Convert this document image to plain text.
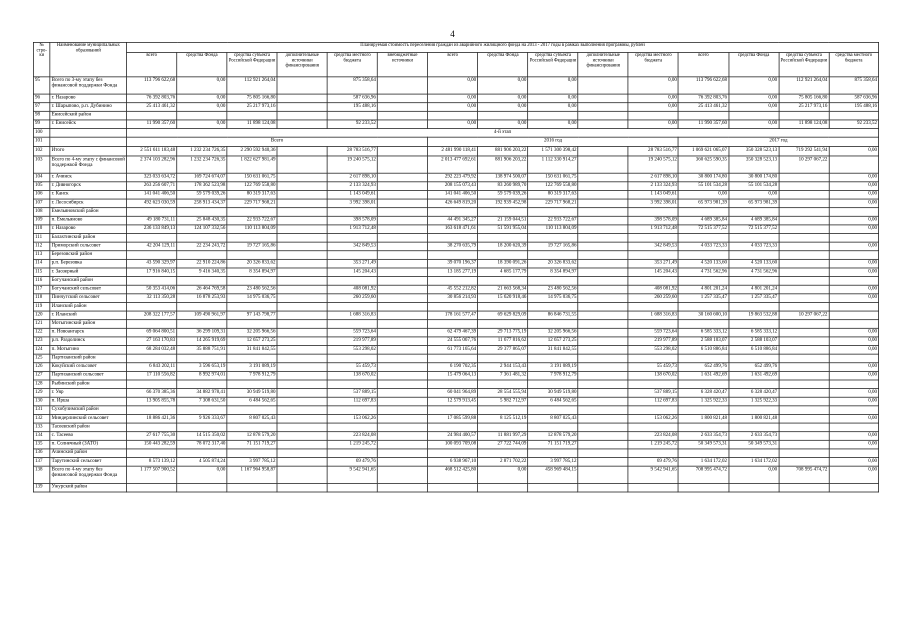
4
№ стро-ки	Наименование муниципальных образований	Планируемая стоимость переселения граждан из аварийного жилищного фонда на 2013 - 2017 годы в рамках выполнения программы, рублей														
		всего	средства Фонда	средства субъекта Российской Федерации	дополнительные источники финансирования	средства местного бюджета	внебюджетные источники	всего	средства Фонда	средства субъекта Российской Федерации	дополнительные источники финансирования	средства местного бюджета	всего	средства Фонда	средства субъекта Российской Федерации	средства местного бюджета
95	Всего по 3-му этапу без финансовой поддержки Фонда	113 796 622,68	0,00	112 921 264,04		875 358,64		0,00	0,00	0,00		0,00	113 796 622,68	0,00	112 921 264,04	875 358,64
96	г. Назарово	76 392 803,76	0,00	75 805 166,80		587 636,96		0,00	0,00	0,00		0,00	76 392 803,76	0,00	75 805 166,80	587 636,96
97	г. Шарыпово, р.п. Дубинино	25 413 461,32	0,00	25 217 973,16		195 488,16		0,00	0,00	0,00		0,00	25 413 461,32	0,00	25 217 973,16	195 488,16
98	Енисейский район															
99	г. Енисейск	11 990 357,60	0,00	11 898 124,08		92 233,52		0,00	0,00	0,00		0,00	11 990 357,60	0,00	11 898 124,08	92 233,52
100		4-й этап														
101		Всего						2016 год					2017 год			
102	Итого	2 551 611 183,48	1 232 234 726,35	2 290 592 940,36		28 783 516,77		2 481 990 118,41	881 906 203,22	1 571 300 398,42		28 783 516,77	1 069 621 065,07	350 328 523,13	719 292 541,94	0,00
103	Всего по 4-му этапу с финансовой поддержкой Фонда	2 374 103 282,96	1 232 234 726,35	1 822 627 981,49		19 240 575,12		2 013 477 692,61	881 906 203,22	1 112 330 914,27		19 240 575,12	360 625 590,35	350 328 523,13	10 297 067,22	
104	г. Ачинск	323 033 634,72	169 724 674,07	150 631 061,75		2 617 898,10		292 223 479,92	138 974 500,07	150 631 061,75		2 617 898,10	30 800 174,80	30 800 174,80		0,00
105	г. Дивногорск	263 256 607,71	178 362 523,98	122 769 558,80		2 133 324,93		208 155 073,43	83 260 989,70	122 769 558,80		2 133 324,93	55 101 534,28	55 101 534,28		0,00
106	г. Канск	141 041 406,50	59 579 039,26	80 319 317,63		1 143 049,61		141 041 406,50	59 579 039,26	80 319 317,63		1 143 049,61	0,00	0,00		0,00
107	г. Лесосибирск	492 623 030,59	258 913 434,37	229 717 968,21		3 992 398,01		426 649 819,20	192 939 452,98	229 717 968,21		3 992 398,01	65 973 981,39	65 973 981,39		0,00
108	Емельяновский район															
109	п. Емельяново	49 180 731,11	25 848 430,35	22 933 722,67		398 578,09		44 491 345,27	21 159 044,51	22 933 722,67		398 578,09	4 689 385,84	4 689 385,84		0,00
110	г. Назарово	236 133 849,13	124 107 332,56	110 113 804,09		1 913 712,48		163 618 471,61	51 591 955,04	110 113 804,09		1 913 712,48	72 515 377,52	72 515 377,52		0,00
111	Балахтинский район															
112	Приморский сельсовет	42 204 129,11	22 234 243,72	19 727 165,86		342 849,53		38 270 635,79	18 200 620,39	19 727 165,86		342 849,53	4 033 723,33	4 033 723,33		0,00
113	Березовский район															
114	р.п. Березовка	43 590 329,97	22 910 224,86	20 326 833,62		353 271,49		39 070 196,37	18 390 091,26	20 326 833,62		353 271,49	4 520 133,60	4 520 133,60		0,00
115	г. Заозерный	17 916 840,15	9 416 340,35	8 354 894,97		145 204,43		13 185 277,19	4 685 177,79	8 354 894,97		145 204,43	4 731 562,96	4 731 562,96		0,00
116	Богучанский район															
117	Богучанский сельсовет	50 353 414,06	26 464 769,58	23 480 562,56		408 081,92		45 552 212,82	21 663 568,34	23 480 562,56		408 081,92	4 801 201,24	4 801 201,24		0,00
118	Пинчугский сельсовет	32 113 350,28	16 878 253,93	14 975 036,75		260 259,60		30 856 214,93	15 620 918,46	14 975 036,75		260 259,60	1 257 335,47	1 257 335,47		0,00
119	Иланский район															
120	г. Иланский	208 322 177,57	109 490 961,97	97 143 798,77		1 688 316,83		178 161 577,47	69 629 829,09	86 846 731,55		1 688 316,83	30 160 600,10	19 863 532,88	10 297 067,22	
121	Мотыгинский район															
122	п. Новоангарск	69 064 800,51	36 299 109,31	32 205 966,56		559 723,64		62 479 467,39	29 713 775,19	32 205 966,56		559 723,64	6 585 333,12	6 585 333,12		0,00
123	р.п. Раздолинск	27 163 170,83	14 265 919,69	12 657 273,25		219 977,89		24 555 067,76	11 677 816,62	12 657 273,25		219 977,89	2 588 103,07	2 588 103,07		0,00
124	п. Мотыгино	68 284 032,48	35 888 751,91	31 841 842,55		553 298,02		61 773 165,64	29 377 865,07	31 841 842,55		553 298,02	6 510 886,84	6 510 886,84		0,00
125	Партизанский район															
126	Кокуйский сельсовет	6 843 202,11	3 596 653,19	3 191 089,19		55 459,73		6 190 702,35	2 944 153,43	3 191 089,19		55 459,73	652 499,76	652 499,76		0,00
127	Партизанский сельсовет	17 110 556,82	8 992 974,01	7 978 912,79		138 670,02		15 479 064,13	7 361 481,32	7 978 912,79		138 670,02	1 631 492,69	1 631 492,69		0,00
128	Рыбинский район															
129	г. Уяр	66 370 385,36	34 882 978,41	30 949 519,80		537 889,15		60 041 964,89	28 554 555,94	30 949 519,80		537 889,15	6 328 420,47	6 328 420,47		0,00
130	п. Ирша	13 905 855,78	7 308 631,50	6 484 562,65		112 697,83		12 579 913,45	5 982 712,97	6 484 562,65		112 697,83	1 325 922,33	1 325 922,33		0,00
131	Сухобузимский район															
132	Миндерлинский сельсовет	18 886 421,36	9 926 333,67	8 807 025,43		153 062,26		17 085 599,88	8 125 512,19	8 807 025,43		153 062,26	1 800 821,48	1 800 821,48		0,00
133	Тасеевский район															
134	с. Тасеево	27 617 755,30	14 515 350,02	12 878 579,20		223 824,08		24 984 400,57	11 881 997,29	12 878 579,20		223 824,08	2 633 354,73	2 633 354,73		0,00
135	п. Солнечный (ЗАТО)	150 443 282,59	78 072 317,40	71 151 719,27		1 219 245,72		100 093 709,08	27 722 744,09	71 151 719,27		1 219 245,72	50 349 573,31	50 349 573,31		0,00
136	Ачинский район															
137	Тарутинский сельсовет	8 573 139,12	4 505 874,24	3 997 785,12		69 479,76		6 938 967,10	2 871 702,22	3 997 785,12		69 479,76	1 634 172,02	1 634 172,02		0,00
138	Всего по 4-му этапу без финансовой поддержки Фонда	1 177 507 900,52	0,00	1 167 964 958,87		9 542 941,65		468 512 425,80	0,00	458 969 484,15		9 542 941,65	708 995 474,72	0,00	708 995 474,72	0,00
139	Ужурский район															
